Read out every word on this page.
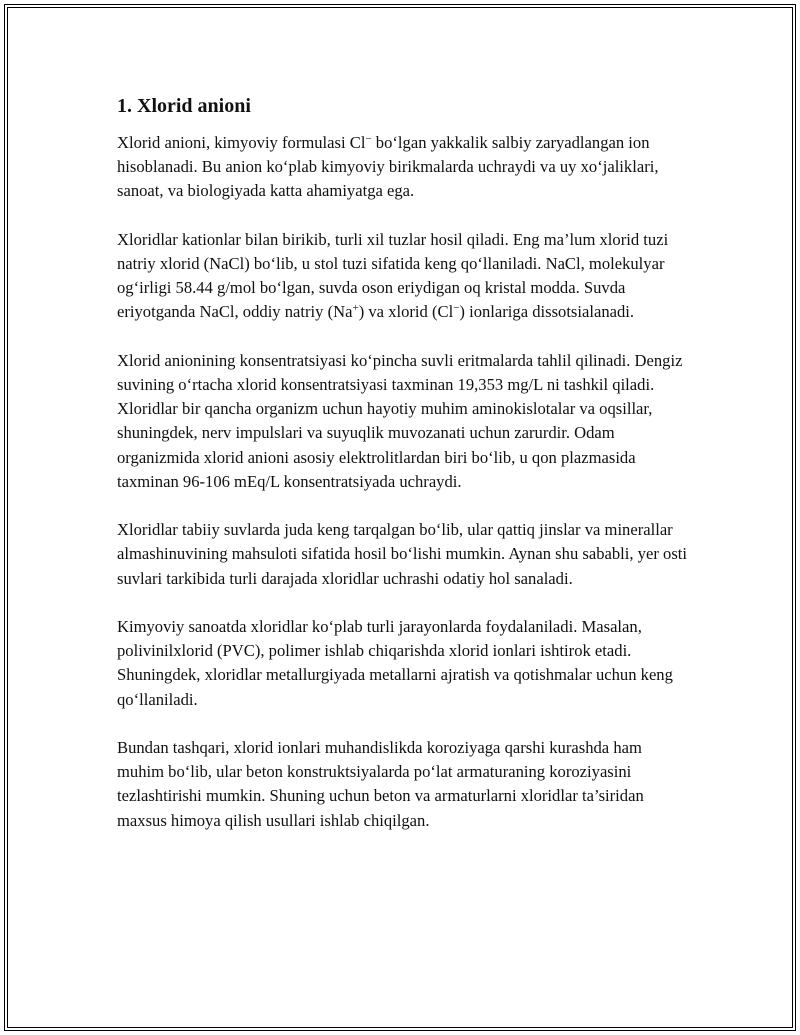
1. Xlorid anioni

Xlorid anioni, kimyoviy formulasi Cl− bo‘lgan yakkalik salbiy zaryadlangan ion hisoblanadi. Bu anion ko‘plab kimyoviy birikmalarda uchraydi va uy xo‘jaliklari, sanoat, va biologiyada katta ahamiyatga ega.

Xloridlar kationlar bilan birikib, turli xil tuzlar hosil qiladi. Eng ma’lum xlorid tuzi natriy xlorid (NaCl) bo‘lib, u stol tuzi sifatida keng qo‘llaniladi. NaCl, molekulyar og‘irligi 58.44 g/mol bo‘lgan, suvda oson eriydigan oq kristal modda. Suvda eriyotganda NaCl, oddiy natriy (Na+) va xlorid (Cl−) ionlariga dissotsialanadi.

Xlorid anionining konsentratsiyasi ko‘pincha suvli eritmalarda tahlil qilinadi. Dengiz suvining o‘rtacha xlorid konsentratsiyasi taxminan 19,353 mg/L ni tashkil qiladi. Xloridlar bir qancha organizm uchun hayotiy muhim aminokislotalar va oqsillar, shuningdek, nerv impulslari va suyuqlik muvozanati uchun zarurdir. Odam organizmida xlorid anioni asosiy elektrolitlardan biri bo‘lib, u qon plazmasida taxminan 96-106 mEq/L konsentratsiyada uchraydi.

Xloridlar tabiiy suvlarda juda keng tarqalgan bo‘lib, ular qattiq jinslar va minerallar almashinuvining mahsuloti sifatida hosil bo‘lishi mumkin. Aynan shu sababli, yer osti suvlari tarkibida turli darajada xloridlar uchrashi odatiy hol sanaladi.

Kimyoviy sanoatda xloridlar ko‘plab turli jarayonlarda foydalaniladi. Masalan, polivinilxlorid (PVC), polimer ishlab chiqarishda xlorid ionlari ishtirok etadi. Shuningdek, xloridlar metallurgiyada metallarni ajratish va qotishmalar uchun keng qo‘llaniladi.

Bundan tashqari, xlorid ionlari muhandislikda koroziyaga qarshi kurashda ham muhim bo‘lib, ular beton konstruktsiyalarda po‘lat armaturaning koroziyasini tezlashtirishi mumkin. Shuning uchun beton va armaturlarni xloridlar ta’siridan maxsus himoya qilish usullari ishlab chiqilgan.
